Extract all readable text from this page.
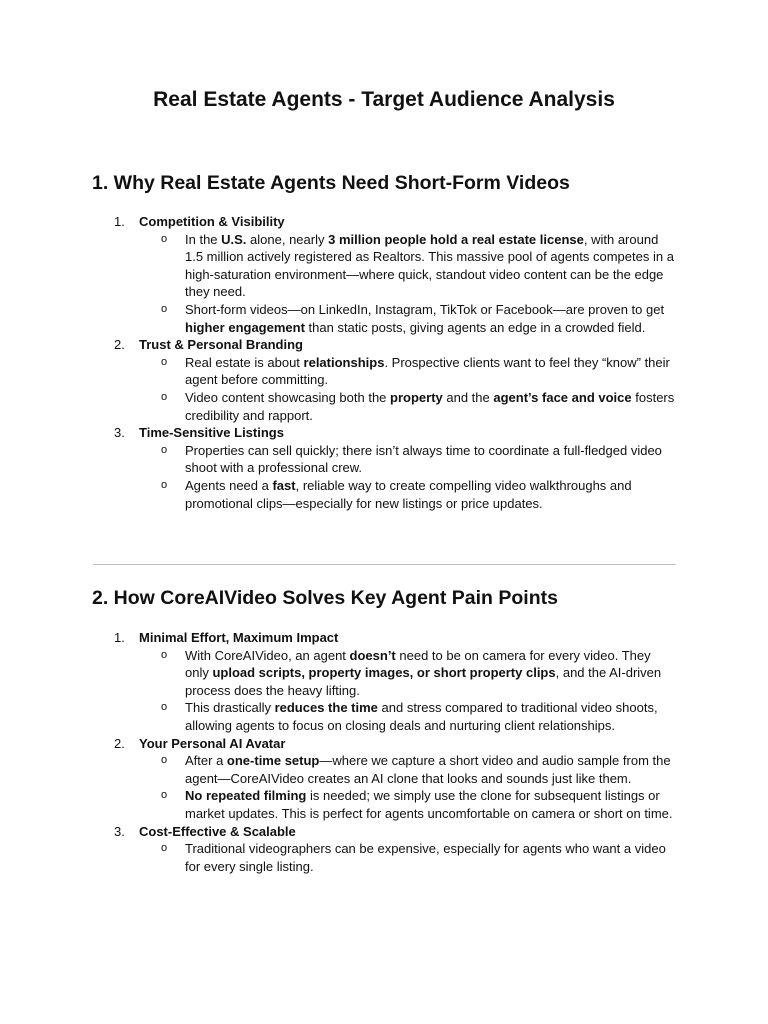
Real Estate Agents - Target Audience Analysis
1. Why Real Estate Agents Need Short-Form Videos
1. Competition & Visibility
o In the U.S. alone, nearly 3 million people hold a real estate license, with around 1.5 million actively registered as Realtors. This massive pool of agents competes in a high-saturation environment—where quick, standout video content can be the edge they need.
o Short-form videos—on LinkedIn, Instagram, TikTok or Facebook—are proven to get higher engagement than static posts, giving agents an edge in a crowded field.
2. Trust & Personal Branding
o Real estate is about relationships. Prospective clients want to feel they “know” their agent before committing.
o Video content showcasing both the property and the agent’s face and voice fosters credibility and rapport.
3. Time-Sensitive Listings
o Properties can sell quickly; there isn’t always time to coordinate a full-fledged video shoot with a professional crew.
o Agents need a fast, reliable way to create compelling video walkthroughs and promotional clips—especially for new listings or price updates.
2. How CoreAIVideo Solves Key Agent Pain Points
1. Minimal Effort, Maximum Impact
o With CoreAIVideo, an agent doesn’t need to be on camera for every video. They only upload scripts, property images, or short property clips, and the AI-driven process does the heavy lifting.
o This drastically reduces the time and stress compared to traditional video shoots, allowing agents to focus on closing deals and nurturing client relationships.
2. Your Personal AI Avatar
o After a one-time setup—where we capture a short video and audio sample from the agent—CoreAIVideo creates an AI clone that looks and sounds just like them.
o No repeated filming is needed; we simply use the clone for subsequent listings or market updates. This is perfect for agents uncomfortable on camera or short on time.
3. Cost-Effective & Scalable
o Traditional videographers can be expensive, especially for agents who want a video for every single listing.
